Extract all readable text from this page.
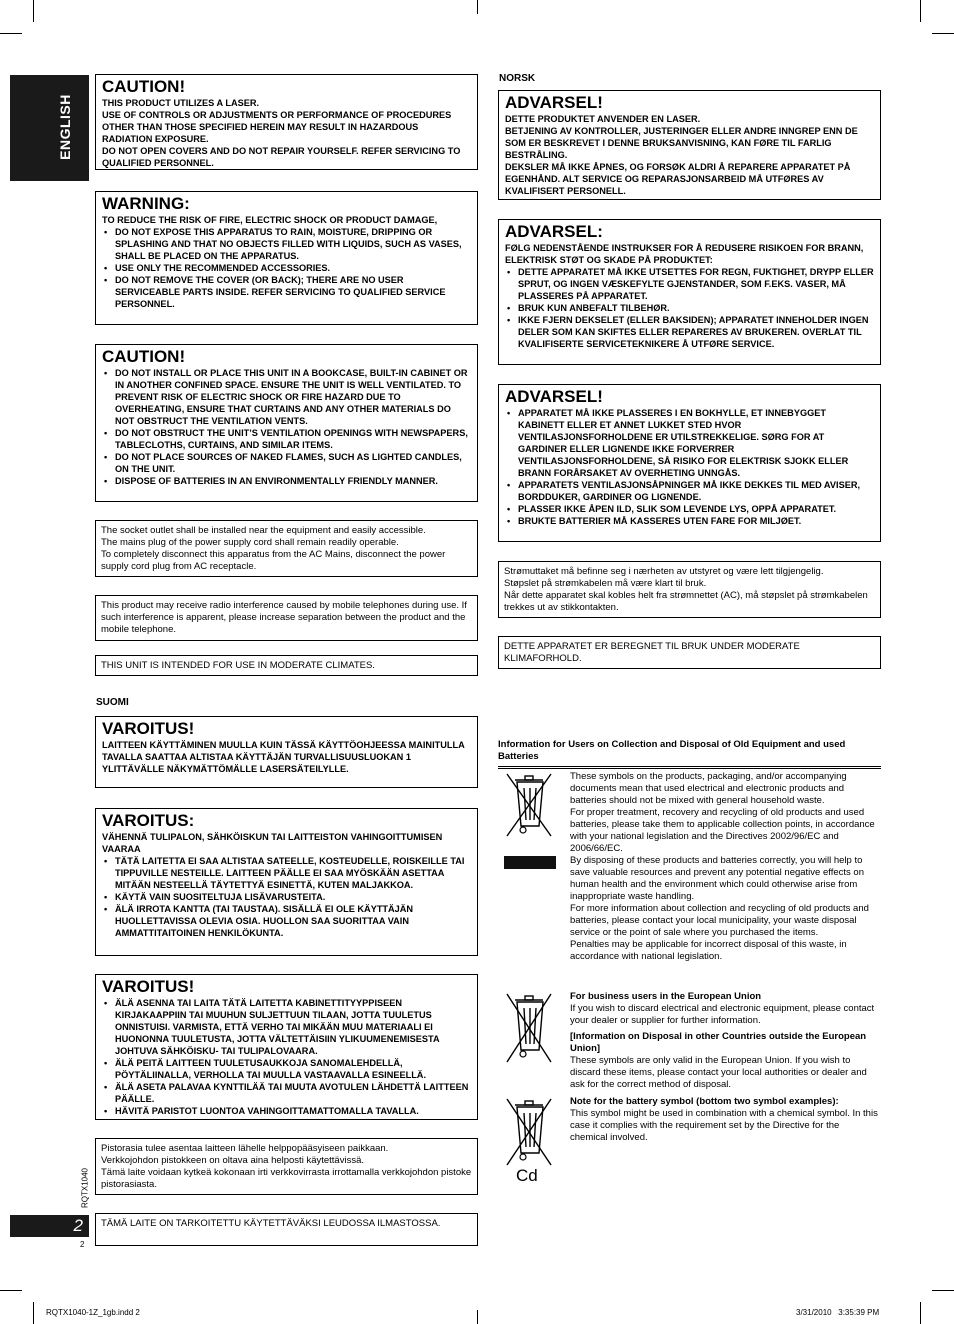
ENGLISH
RQTX1040
2
2
CAUTION!

THIS PRODUCT UTILIZES A LASER.

USE OF CONTROLS OR ADJUSTMENTS OR PERFORMANCE OF PROCEDURES OTHER THAN THOSE SPECIFIED HEREIN MAY RESULT IN HAZARDOUS RADIATION EXPOSURE.

DO NOT OPEN COVERS AND DO NOT REPAIR YOURSELF. REFER SERVICING TO QUALIFIED PERSONNEL.

WARNING:

TO REDUCE THE RISK OF FIRE, ELECTRIC SHOCK OR PRODUCT DAMAGE,

• DO NOT EXPOSE THIS APPARATUS TO RAIN, MOISTURE, DRIPPING OR SPLASHING AND THAT NO OBJECTS FILLED WITH LIQUIDS, SUCH AS VASES, SHALL BE PLACED ON THE APPARATUS.
• USE ONLY THE RECOMMENDED ACCESSORIES.
• DO NOT REMOVE THE COVER (OR BACK); THERE ARE NO USER SERVICEABLE PARTS INSIDE. REFER SERVICING TO QUALIFIED SERVICE PERSONNEL.
CAUTION!
• DO NOT INSTALL OR PLACE THIS UNIT IN A BOOKCASE, BUILT-IN CABINET OR IN ANOTHER CONFINED SPACE. ENSURE THE UNIT IS WELL VENTILATED. TO PREVENT RISK OF ELECTRIC SHOCK OR FIRE HAZARD DUE TO OVERHEATING, ENSURE THAT CURTAINS AND ANY OTHER MATERIALS DO NOT OBSTRUCT THE VENTILATION VENTS.
• DO NOT OBSTRUCT THE UNIT’S VENTILATION OPENINGS WITH NEWSPAPERS, TABLECLOTHS, CURTAINS, AND SIMILAR ITEMS.
• DO NOT PLACE SOURCES OF NAKED FLAMES, SUCH AS LIGHTED CANDLES, ON THE UNIT.
• DISPOSE OF BATTERIES IN AN ENVIRONMENTALLY FRIENDLY MANNER.

The socket outlet shall be installed near the equipment and easily accessible.

The mains plug of the power supply cord shall remain readily operable.

To completely disconnect this apparatus from the AC Mains, disconnect the power supply cord plug from AC receptacle.

This product may receive radio interference caused by mobile telephones during use. If such interference is apparent, please increase separation between the product and the mobile telephone.

THIS UNIT IS INTENDED FOR USE IN MODERATE CLIMATES.

SUOMI
VAROITUS!

LAITTEEN KÄYTTÄMINEN MUULLA KUIN TÄSSÄ KÄYTTÖOHJEESSA MAINITULLA TAVALLA SAATTAA ALTISTAA KÄYTTÄJÄN TURVALLISUUSLUOKAN 1 YLITTÄVÄLLE NÄKYMÄTTÖMÄLLE LASERSÄTEILYLLE.

VAROITUS:

VÄHENNÄ TULIPALON, SÄHKÖISKUN TAI LAITTEISTON VAHINGOITTUMISEN VAARAA

• TÄTÄ LAITETTA EI SAA ALTISTAA SATEELLE, KOSTEUDELLE, ROISKEILLE TAI TIPPUVILLE NESTEILLE. LAITTEEN PÄÄLLE EI SAA MYÖSKÄÄN ASETTAA MITÄÄN NESTEELLÄ TÄYTETTYÄ ESINETTÄ, KUTEN MALJAKKOA.
• KÄYTÄ VAIN SUOSITELTUJA LISÄVARUSTEITA.
• ÄLÄ IRROTA KANTTA (TAI TAUSTAA). SISÄLLÄ EI OLE KÄYTTÄJÄN HUOLLETTAVISSA OLEVIA OSIA. HUOLLON SAA SUORITTAA VAIN AMMATTITAITOINEN HENKILÖKUNTA.
VAROITUS!
• ÄLÄ ASENNA TAI LAITA TÄTÄ LAITETTA KABINETTITYYPPISEEN KIRJAKAAPPIIN TAI MUUHUN SULJETTUUN TILAAN, JOTTA TUULETUS ONNISTUISI. VARMISTA, ETTÄ VERHO TAI MIKÄÄN MUU MATERIAALI EI HUONONNA TUULETUSTA, JOTTA VÄLTETTÄISIIN YLIKUUMENEMISESTA JOHTUVA SÄHKÖISKU- TAI TULIPALOVAARA.
• ÄLÄ PEITÄ LAITTEEN TUULETUSAUKKOJA SANOMALEHDELLÄ, PÖYTÄLIINALLA, VERHOLLA TAI MUULLA VASTAAVALLA ESINEELLÄ.
• ÄLÄ ASETA PALAVAA KYNTTILÄÄ TAI MUUTA AVOTULEN LÄHDETTÄ LAITTEEN PÄÄLLE.
• HÄVITÄ PARISTOT LUONTOA VAHINGOITTAMATTOMALLA TAVALLA.

Pistorasia tulee asentaa laitteen lähelle helppopääsyiseen paikkaan.

Verkkojohdon pistokkeen on oltava aina helposti käytettävissä.

Tämä laite voidaan kytkeä kokonaan irti verkkovirrasta irrottamalla verkkojohdon pistoke pistorasiasta.

TÄMÄ LAITE ON TARKOITETTU KÄYTETTÄVÄKSI LEUDOSSA ILMASTOSSA.

NORSK
ADVARSEL!

DETTE PRODUKTET ANVENDER EN LASER.

BETJENING AV KONTROLLER, JUSTERINGER ELLER ANDRE INNGREP ENN DE SOM ER BESKREVET I DENNE BRUKSANVISNING, KAN FØRE TIL FARLIG BESTRÅLING.

DEKSLER MÅ IKKE ÅPNES, OG FORSØK ALDRI Å REPARERE APPARATET PÅ EGENHÅND. ALT SERVICE OG REPARASJONSARBEID MÅ UTFØRES AV KVALIFISERT PERSONELL.

ADVARSEL:

FØLG NEDENSTÅENDE INSTRUKSER FOR Å REDUSERE RISIKOEN FOR BRANN, ELEKTRISK STØT OG SKADE PÅ PRODUKTET:

• DETTE APPARATET MÅ IKKE UTSETTES FOR REGN, FUKTIGHET, DRYPP ELLER SPRUT, OG INGEN VÆSKEFYLTE GJENSTANDER, SOM F.EKS. VASER, MÅ PLASSERES PÅ APPARATET.
• BRUK KUN ANBEFALT TILBEHØR.
• IKKE FJERN DEKSELET (ELLER BAKSIDEN); APPARATET INNEHOLDER INGEN DELER SOM KAN SKIFTES ELLER REPARERES AV BRUKEREN. OVERLAT TIL KVALIFISERTE SERVICETEKNIKERE Å UTFØRE SERVICE.
ADVARSEL!
• APPARATET MÅ IKKE PLASSERES I EN BOKHYLLE, ET INNEBYGGET KABINETT ELLER ET ANNET LUKKET STED HVOR VENTILASJONSFORHOLDENE ER UTILSTREKKELIGE. SØRG FOR AT GARDINER ELLER LIGNENDE IKKE FORVERRER VENTILASJONSFORHOLDENE, SÅ RISIKO FOR ELEKTRISK SJOKK ELLER BRANN FORÅRSAKET AV OVERHETING UNNGÅS.
• APPARATETS VENTILASJONSÅPNINGER MÅ IKKE DEKKES TIL MED AVISER, BORDDUKER, GARDINER OG LIGNENDE.
• PLASSER IKKE ÅPEN ILD, SLIK SOM LEVENDE LYS, OPPÅ APPARATET.
• BRUKTE BATTERIER MÅ KASSERES UTEN FARE FOR MILJØET.

Strømuttaket må befinne seg i nærheten av utstyret og være lett tilgjengelig.

Støpslet på strømkabelen må være klart til bruk.

Når dette apparatet skal kobles helt fra strømnettet (AC), må støpslet på strømkabelen trekkes ut av stikkontakten.

DETTE APPARATET ER BEREGNET TIL BRUK UNDER MODERATE KLIMAFORHOLD.

Information for Users on Collection and Disposal of Old Equipment and used Batteries
Cd

These symbols on the products, packaging, and/or accompanying documents mean that used electrical and electronic products and batteries should not be mixed with general household waste.

For proper treatment, recovery and recycling of old products and used batteries, please take them to applicable collection points, in accordance with your national legislation and the Directives 2002/96/EC and 2006/66/EC.

By disposing of these products and batteries correctly, you will help to save valuable resources and prevent any potential negative effects on human health and the environment which could otherwise arise from inappropriate waste handling.

For more information about collection and recycling of old products and batteries, please contact your local municipality, your waste disposal service or the point of sale where you purchased the items.

Penalties may be applicable for incorrect disposal of this waste, in accordance with national legislation.

For business users in the European Union

If you wish to discard electrical and electronic equipment, please contact your dealer or supplier for further information.

[Information on Disposal in other Countries outside the European Union]

These symbols are only valid in the European Union. If you wish to discard these items, please contact your local authorities or dealer and ask for the correct method of disposal.

Note for the battery symbol (bottom two symbol examples):

This symbol might be used in combination with a chemical symbol. In this case it complies with the requirement set by the Directive for the chemical involved.

RQTX1040-1Z_1gb.indd 2	3/31/2010   3:35:39 PM
